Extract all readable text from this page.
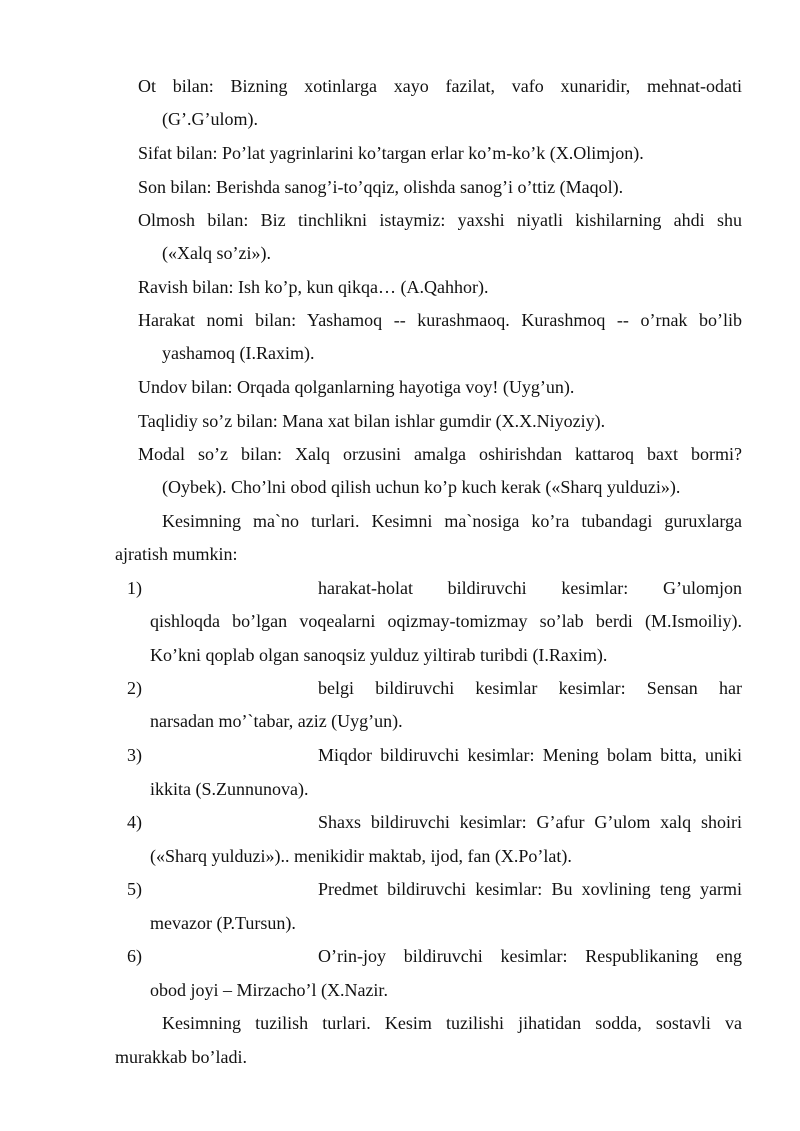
Ot bilan: Bizning xotinlarga xayo fazilat, vafo xunaridir, mehnat-odati
(G’.G’ulom).
Sifat bilan: Po’lat yagrinlarini ko’targan erlar ko’m-ko’k (X.Olimjon).
Son bilan: Berishda sanog’i-to’qqiz, olishda sanog’i o’ttiz (Maqol).
Olmosh bilan: Biz tinchlikni istaymiz: yaxshi niyatli kishilarning ahdi shu
(«Xalq so’zi»).
Ravish bilan: Ish ko’p, kun qikqa… (A.Qahhor).
Harakat nomi bilan: Yashamoq -- kurashmaoq. Kurashmoq -- o’rnak bo’lib
yashamoq (I.Raxim).
Undov bilan: Orqada qolganlarning hayotiga voy! (Uyg’un).
Taqlidiy so’z bilan: Mana xat bilan ishlar gumdir (X.X.Niyoziy).
Modal so’z bilan: Xalq orzusini amalga oshirishdan kattaroq baxt bormi?
(Oybek). Cho’lni obod qilish uchun ko’p kuch kerak («Sharq yulduzi»).
Kesimning ma`no turlari. Kesimni ma`nosiga ko’ra tubandagi guruxlarga
ajratish mumkin:
1)	harakat-holat bildiruvchi kesimlar: G’ulomjon
qishloqda bo’lgan voqealarni oqizmay-tomizmay so’lab berdi (M.Ismoiliy).
Ko’kni qoplab olgan sanoqsiz yulduz yiltirab turibdi (I.Raxim).
2)	belgi bildiruvchi kesimlar kesimlar: Sensan har
narsadan mo’`tabar, aziz (Uyg’un).
3)	Miqdor bildiruvchi kesimlar: Mening bolam bitta, uniki
ikkita (S.Zunnunova).
4)	Shaxs bildiruvchi kesimlar: G’afur G’ulom xalq shoiri
(«Sharq yulduzi»).. menikidir maktab, ijod, fan (X.Po’lat).
5)	Predmet bildiruvchi kesimlar: Bu xovlining teng yarmi
mevazor (P.Tursun).
6)	O’rin-joy bildiruvchi kesimlar: Respublikaning eng
obod joyi – Mirzacho’l (X.Nazir.
Kesimning tuzilish turlari. Kesim tuzilishi jihatidan sodda, sostavli va
murakkab bo’ladi.
